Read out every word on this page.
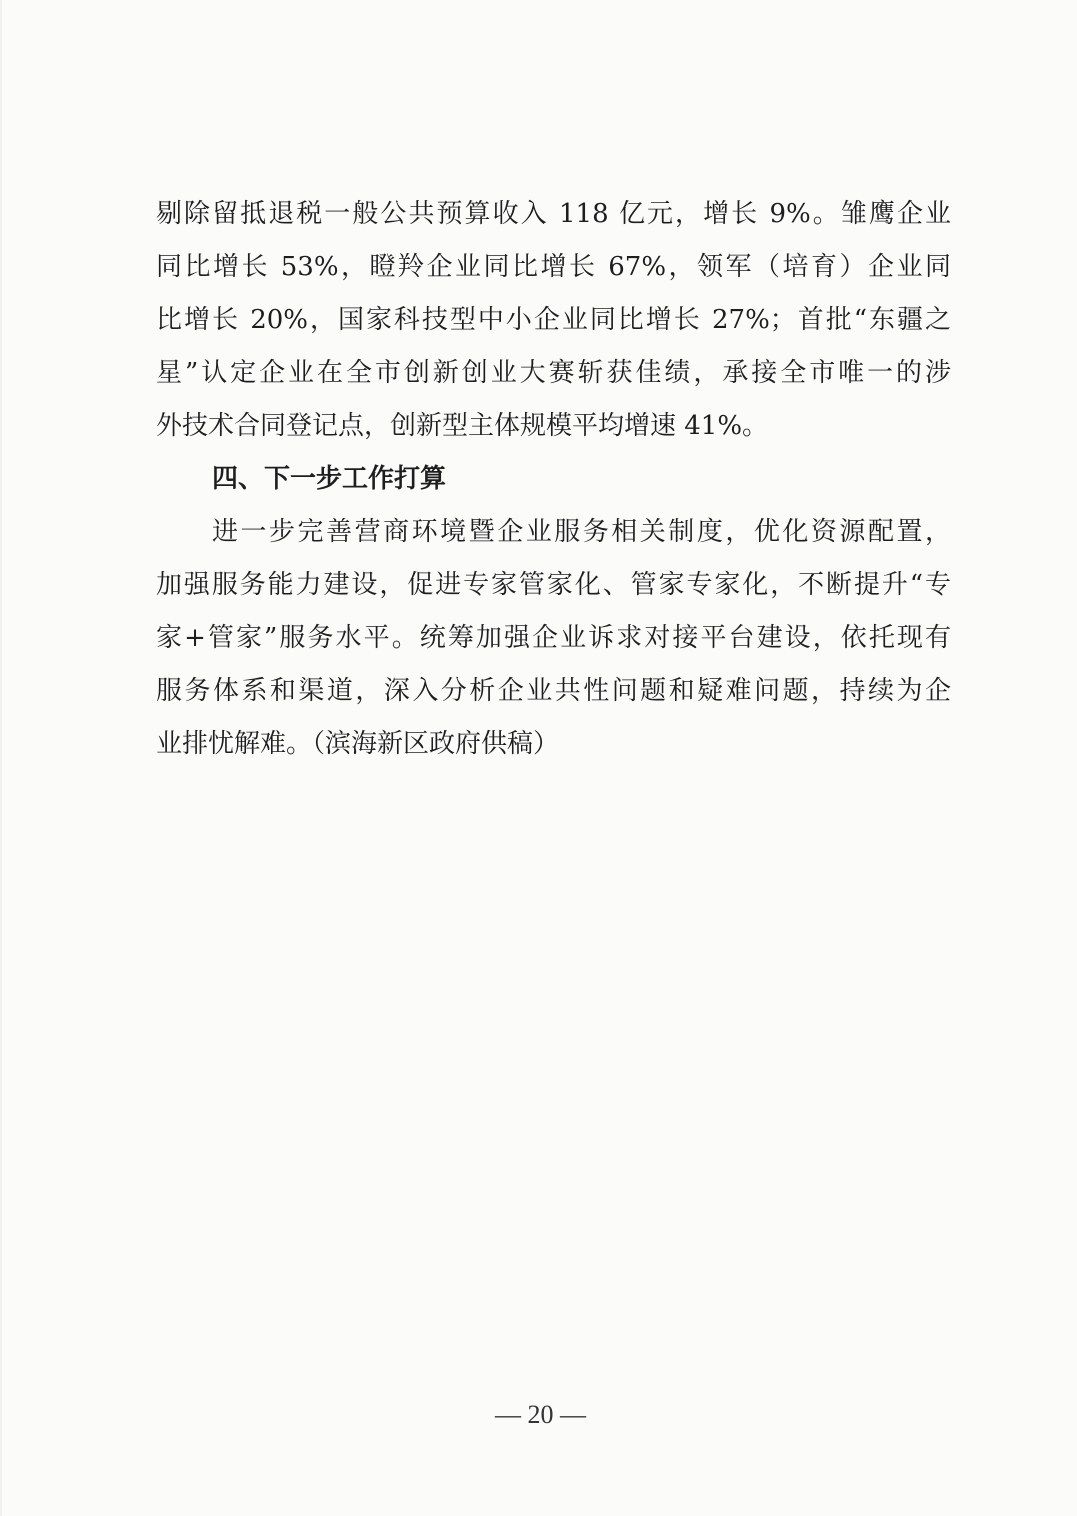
剔除留抵退税一般公共预算收入 118 亿元，增长 9%。雏鹰企业
同比增长 53%，瞪羚企业同比增长 67%，领军（培育）企业同
比增长 20%，国家科技型中小企业同比增长 27%；首批“东疆之
星”认定企业在全市创新创业大赛斩获佳绩，承接全市唯一的涉
外技术合同登记点，创新型主体规模平均增速 41%。
四、下一步工作打算
进一步完善营商环境暨企业服务相关制度，优化资源配置，
加强服务能力建设，促进专家管家化、管家专家化，不断提升“专
家+管家”服务水平。统筹加强企业诉求对接平台建设，依托现有
服务体系和渠道，深入分析企业共性问题和疑难问题，持续为企
业排忧解难。（滨海新区政府供稿）
— 20 —
